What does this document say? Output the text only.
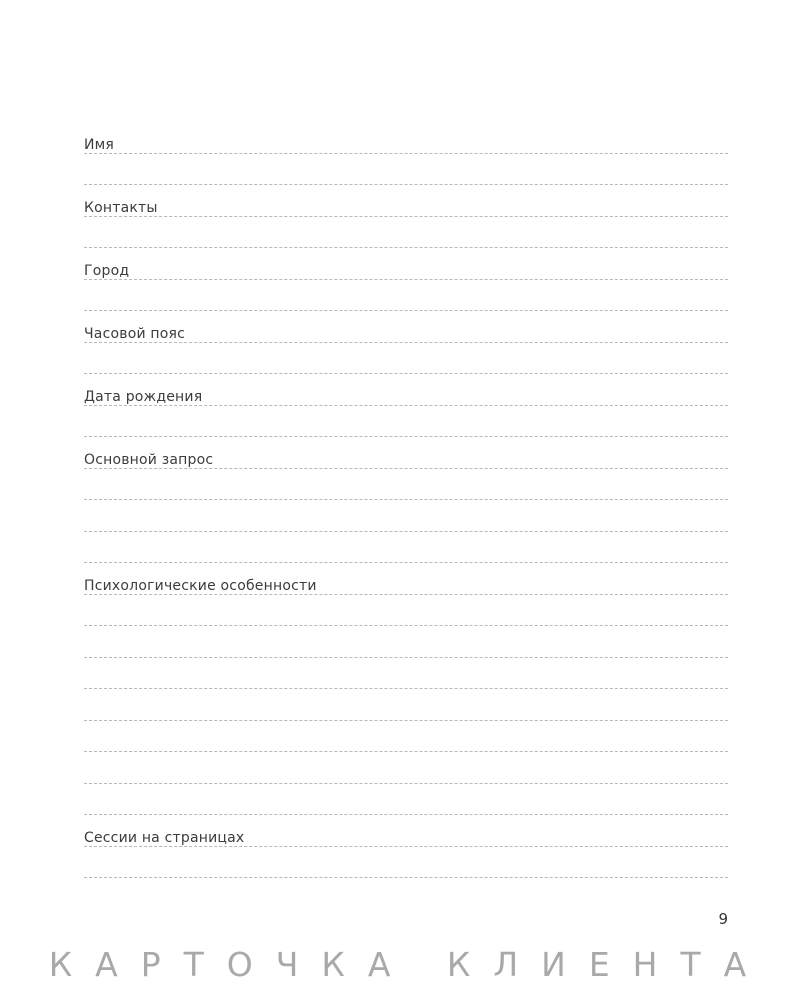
Имя
Контакты
Город
Часовой пояс
Дата рождения
Основной запрос
Психологические особенности
Сессии на страницах
9
КАРТОЧКА КЛИЕНТА
